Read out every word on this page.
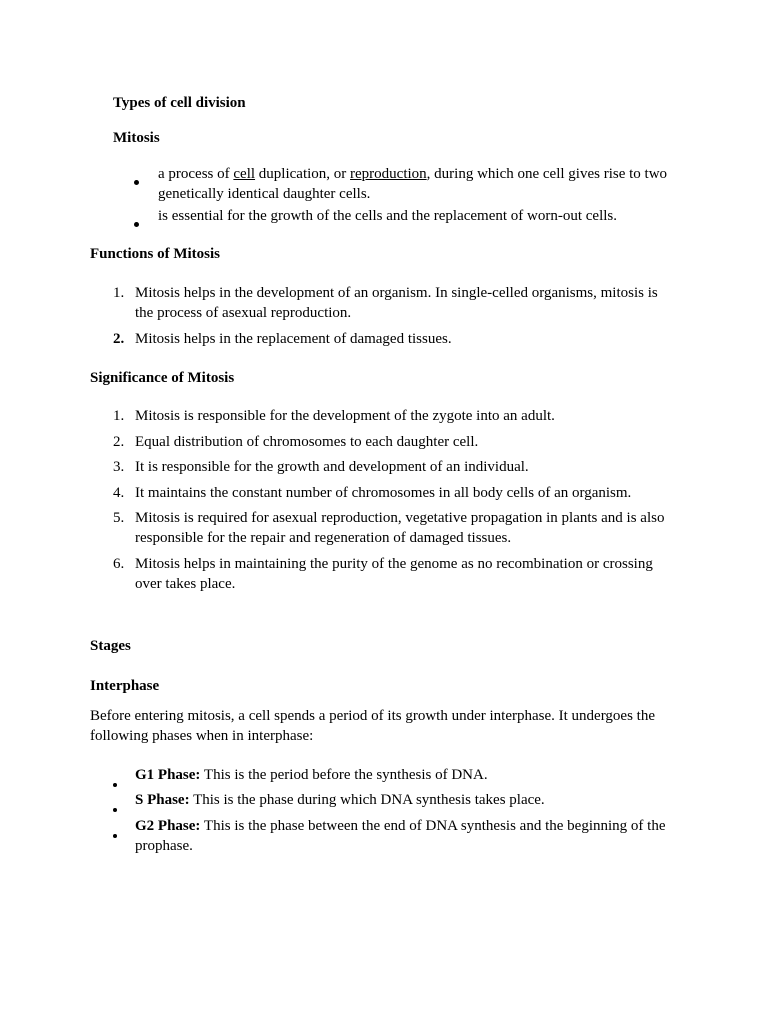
Types of cell division
Mitosis
a process of cell duplication, or reproduction, during which one cell gives rise to two genetically identical daughter cells.
is essential for the growth of the cells and the replacement of worn-out cells.
Functions of Mitosis
1. Mitosis helps in the development of an organism. In single-celled organisms, mitosis is the process of asexual reproduction.
2. Mitosis helps in the replacement of damaged tissues.
Significance of Mitosis
1. Mitosis is responsible for the development of the zygote into an adult.
2. Equal distribution of chromosomes to each daughter cell.
3. It is responsible for the growth and development of an individual.
4. It maintains the constant number of chromosomes in all body cells of an organism.
5. Mitosis is required for asexual reproduction, vegetative propagation in plants and is also responsible for the repair and regeneration of damaged tissues.
6. Mitosis helps in maintaining the purity of the genome as no recombination or crossing over takes place.
Stages
Interphase

Before entering mitosis, a cell spends a period of its growth under interphase. It undergoes the following phases when in interphase:

G1 Phase: This is the period before the synthesis of DNA.
S Phase: This is the phase during which DNA synthesis takes place.
G2 Phase: This is the phase between the end of DNA synthesis and the beginning of the prophase.
